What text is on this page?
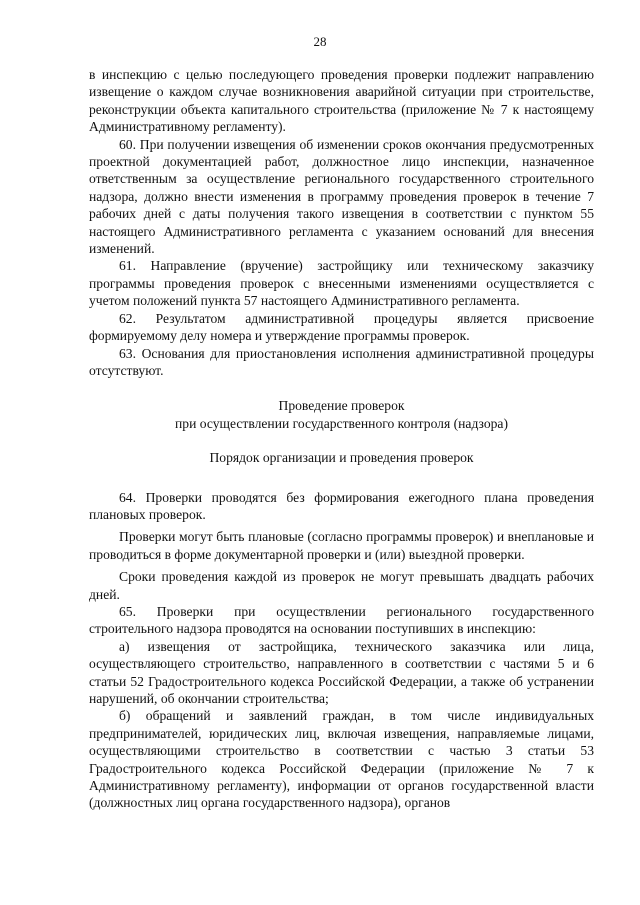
28

в инспекцию с целью последующего проведения проверки подлежит направлению извещение о каждом случае возникновения аварийной ситуации при строительстве, реконструкции объекта капитального строительства (приложение № 7 к настоящему Административному регламенту).

60. При получении извещения об изменении сроков окончания предусмотренных проектной документацией работ, должностное лицо инспекции, назначенное ответственным за осуществление регионального государственного строительного надзора, должно внести изменения в программу проведения проверок в течение 7 рабочих дней с даты получения такого извещения в соответствии с пунктом 55 настоящего Административного регламента с указанием оснований для внесения изменений.

61. Направление (вручение) застройщику или техническому заказчику программы проведения проверок с внесенными изменениями осуществляется с учетом положений пункта 57 настоящего Административного регламента.

62. Результатом административной процедуры является присвоение формируемому делу номера и утверждение программы проверок.

63. Основания для приостановления исполнения административной процедуры отсутствуют.

Проведение проверок

при осуществлении государственного контроля (надзора)

Порядок организации и проведения проверок

64. Проверки проводятся без формирования ежегодного плана проведения плановых проверок.

Проверки могут быть плановые (согласно программы проверок) и внеплановые и проводиться в форме документарной проверки и (или) выездной проверки.

Сроки проведения каждой из проверок не могут превышать двадцать рабочих дней.

65. Проверки при осуществлении регионального государственного строительного надзора проводятся на основании поступивших в инспекцию:

а) извещения от застройщика, технического заказчика или лица, осуществляющего строительство, направленного в соответствии с частями 5 и 6 статьи 52 Градостроительного кодекса Российской Федерации, а также об устранении нарушений, об окончании строительства;

б) обращений и заявлений граждан, в том числе индивидуальных предпринимателей, юридических лиц, включая извещения, направляемые лицами, осуществляющими строительство в соответствии с частью 3 статьи 53 Градостроительного кодекса Российской Федерации (приложение № 7 к Административному регламенту), информации от органов государственной власти (должностных лиц органа государственного надзора), органов
